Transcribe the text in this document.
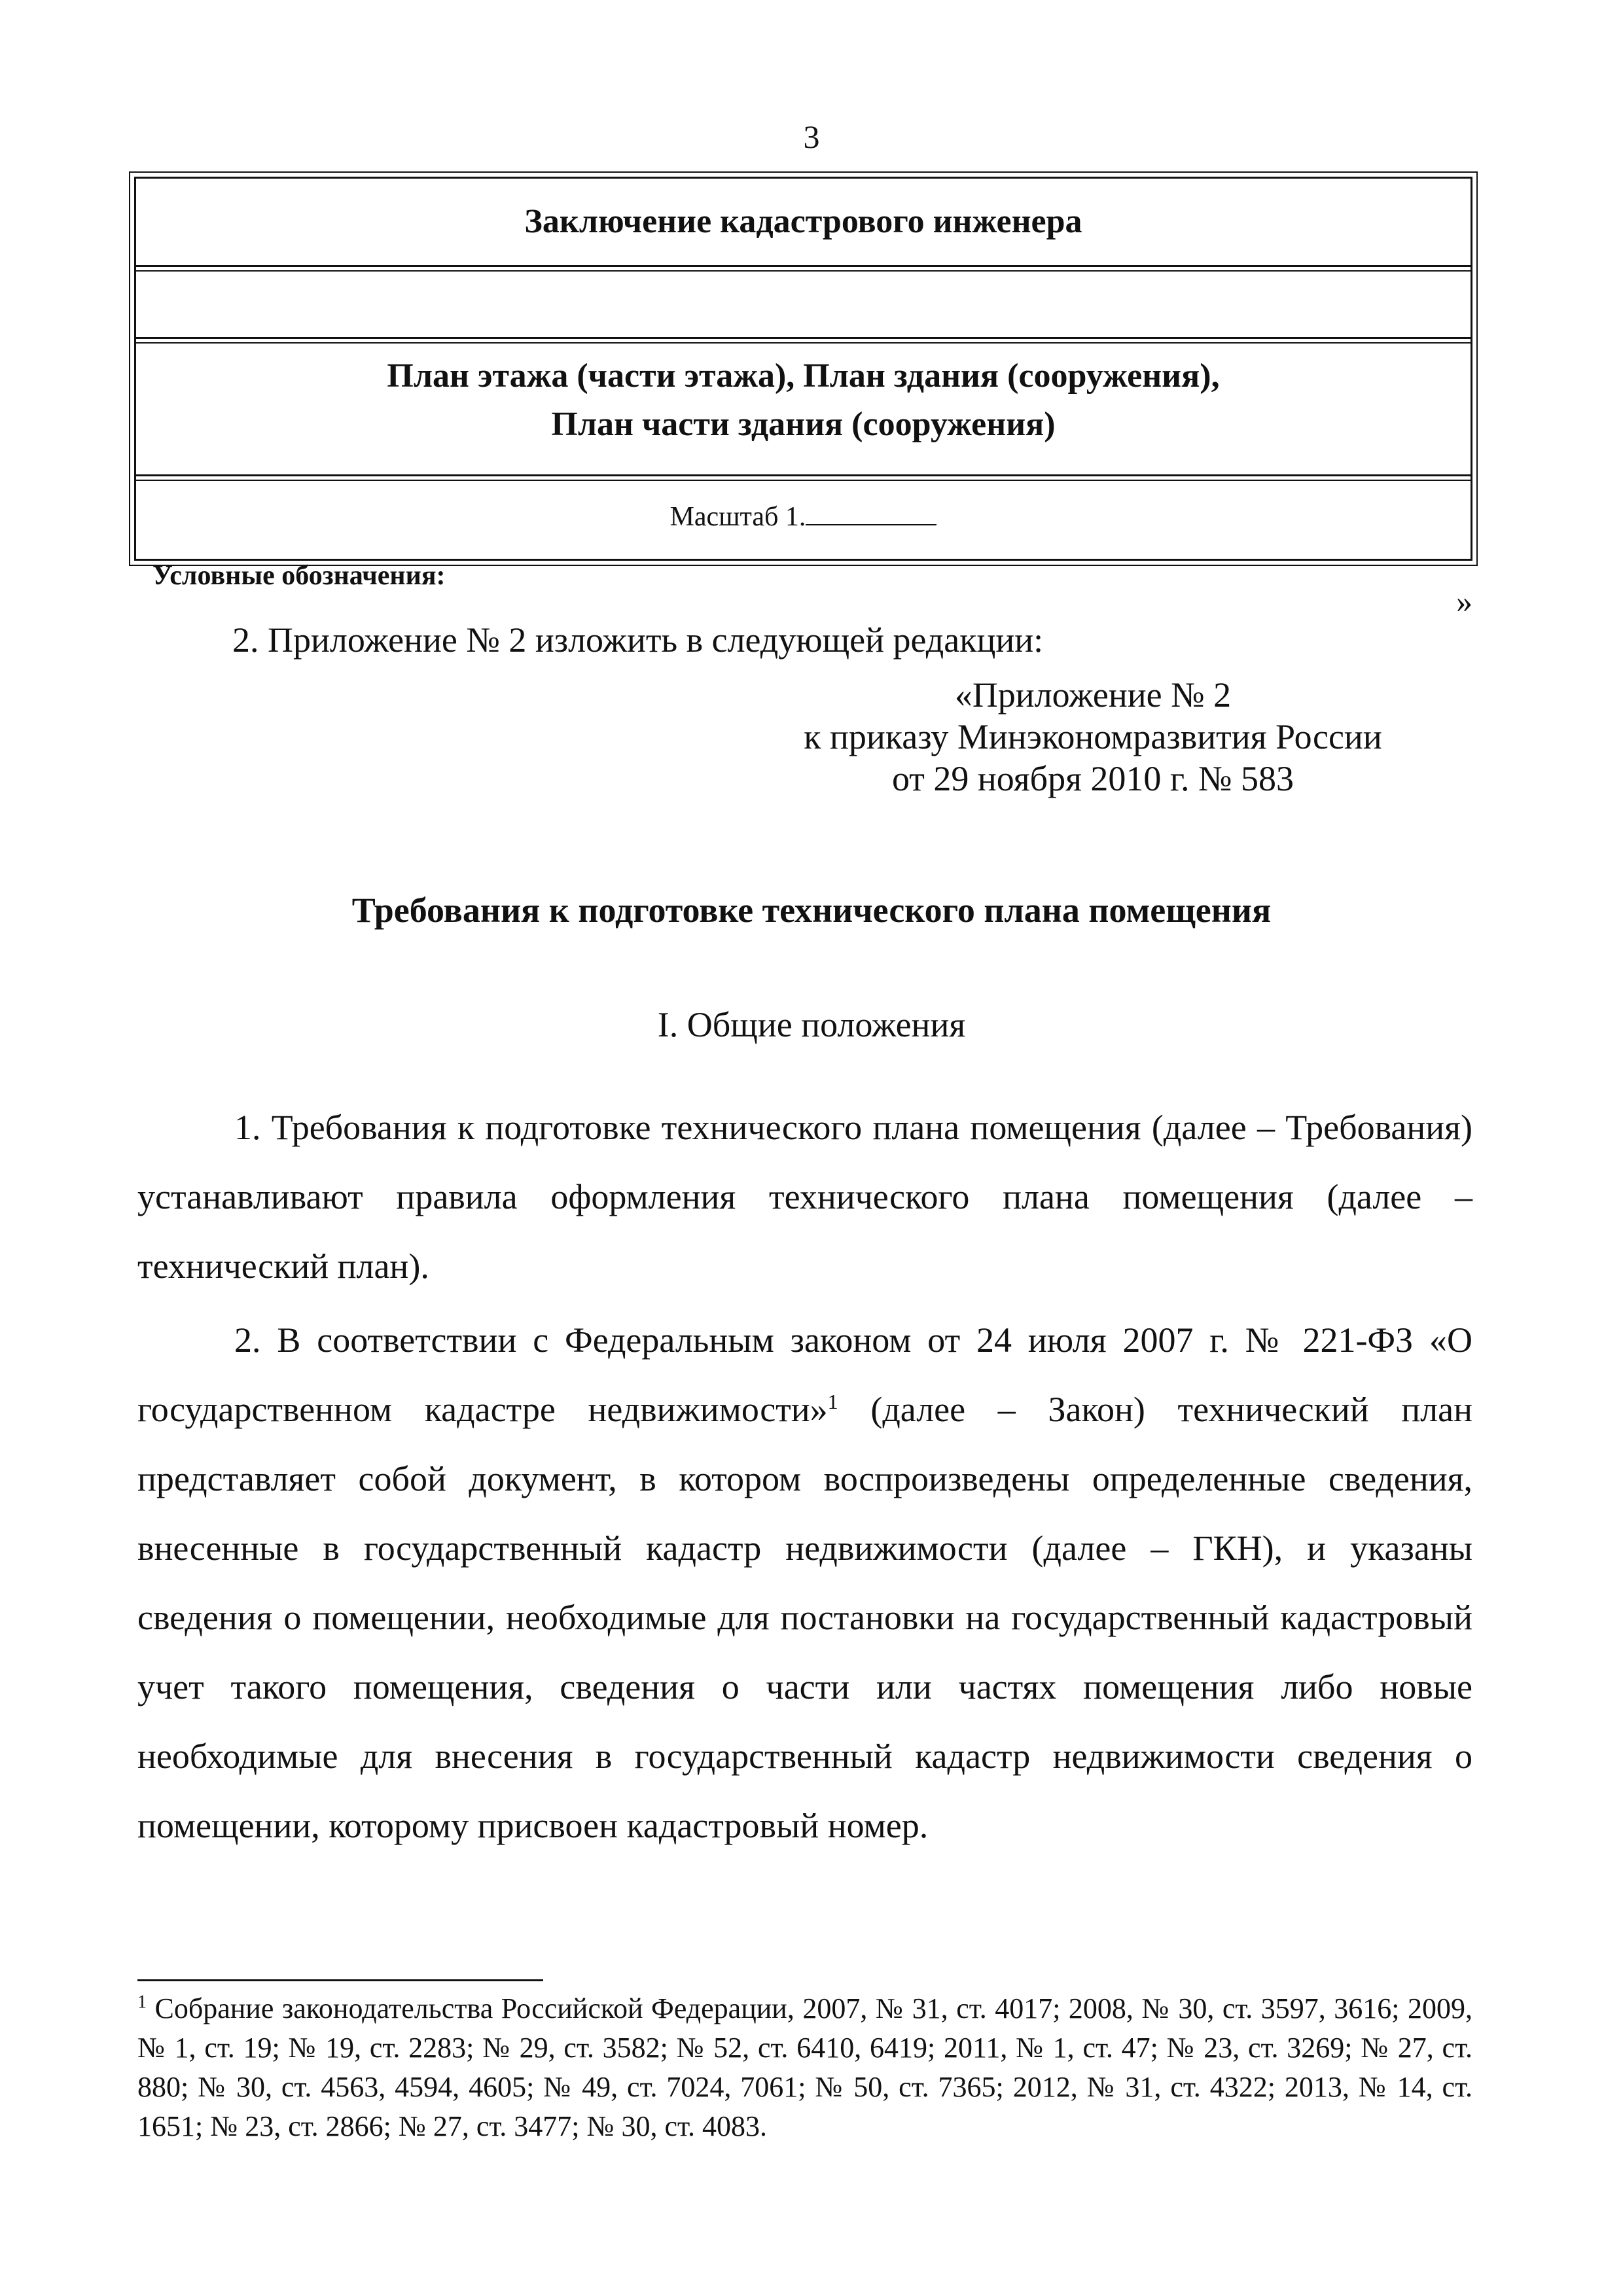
3
Заключение кадастрового инженера
План этажа (части этажа), План здания (сооружения),
План части здания (сооружения)
Масштаб 1.
Условные обозначения:
»
2. Приложение № 2 изложить в следующей редакции:
«Приложение № 2
к приказу Минэкономразвития России
от 29 ноября 2010 г. № 583
Требования к подготовке технического плана помещения
I. Общие положения
1. Требования к подготовке технического плана помещения (далее – Требования) устанавливают правила оформления технического плана помещения (далее – технический план).
2. В соответствии с Федеральным законом от 24 июля 2007 г. № 221-ФЗ «О государственном кадастре недвижимости»$^1$ (далее – Закон) технический план представляет собой документ, в котором воспроизведены определенные сведения, внесенные в государственный кадастр недвижимости (далее – ГКН), и указаны сведения о помещении, необходимые для постановки на государственный кадастровый учет такого помещения, сведения о части или частях помещения либо новые необходимые для внесения в государственный кадастр недвижимости сведения о помещении, которому присвоен кадастровый номер.
$^1$ Собрание законодательства Российской Федерации, 2007, № 31, ст. 4017; 2008, № 30, ст. 3597, 3616; 2009, № 1, ст. 19; № 19, ст. 2283; № 29, ст. 3582; № 52, ст. 6410, 6419; 2011, № 1, ст. 47; № 23, ст. 3269; № 27, ст. 880; № 30, ст. 4563, 4594, 4605; № 49, ст. 7024, 7061; № 50, ст. 7365; 2012, № 31, ст. 4322; 2013, № 14, ст. 1651; № 23, ст. 2866; № 27, ст. 3477; № 30, ст. 4083.
